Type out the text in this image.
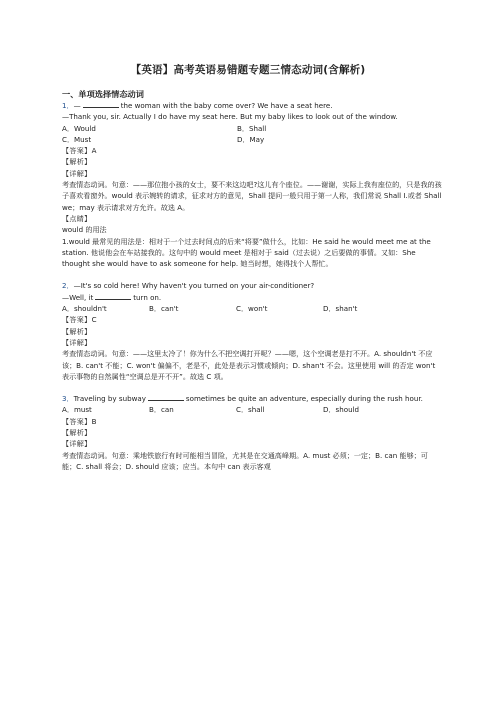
【英语】高考英语易错题专题三情态动词(含解析)
一、单项选择情态动词

1．—	the woman with the baby come over? We have a seat here.

—Thank you, sir. Actually I do have my seat here. But my baby likes to look out of the window.

A．Would	B．Shall

C．Must	D．May

【答案】A

【解析】

【详解】

考查情态动词。句意：——那位抱小孩的女士，要不来这边吧?这儿有个座位。——谢谢，实际上我有座位的，只是我的孩子喜欢看窗外。would 表示婉转的请求，征求对方的意见，Shall 提问一般只用于第一人称，我们常说 Shall I.或者 Shall we；may 表示请求对方允许。故选 A。

【点睛】

would 的用法

1.would 最常见的用法是：相对于一个过去时间点的后来“将要”做什么，比如：He said he would meet me at the station. 他说他会在车站接我的。这句中的 would meet 是相对于 said（过去说）之后要做的事情。又如：She thought she would have to ask someone for help. 她当时想，她得找个人帮忙。

2．—It's so cold here! Why haven't you turned on your air-conditioner?

—Well, it	turn on.

A．shouldn't	B．can't	C．won't	D．shan't

【答案】C

【解析】

【详解】

考查情态动词。句意：——这里太冷了！你为什么不把空调打开呢？——嗯，这个空调老是打不开。A. shouldn't 不应该；B. can't 不能；C. won't 偏偏不，老是不，此处是表示习惯或倾向；D. shan't 不会。这里使用 will 的否定 won't 表示事物的自然属性“空调总是开不开”。故选 C 项。

3．Traveling by subway	sometimes be quite an adventure, especially during the rush hour.

A．must	B．can	C．shall	D．should

【答案】B

【解析】

【详解】

考查情态动词。句意：乘地铁旅行有时可能相当冒险，尤其是在交通高峰期。A. must 必须；一定；B. can 能够；可能；C. shall 将会；D. should 应该；应当。本句中 can 表示客观
